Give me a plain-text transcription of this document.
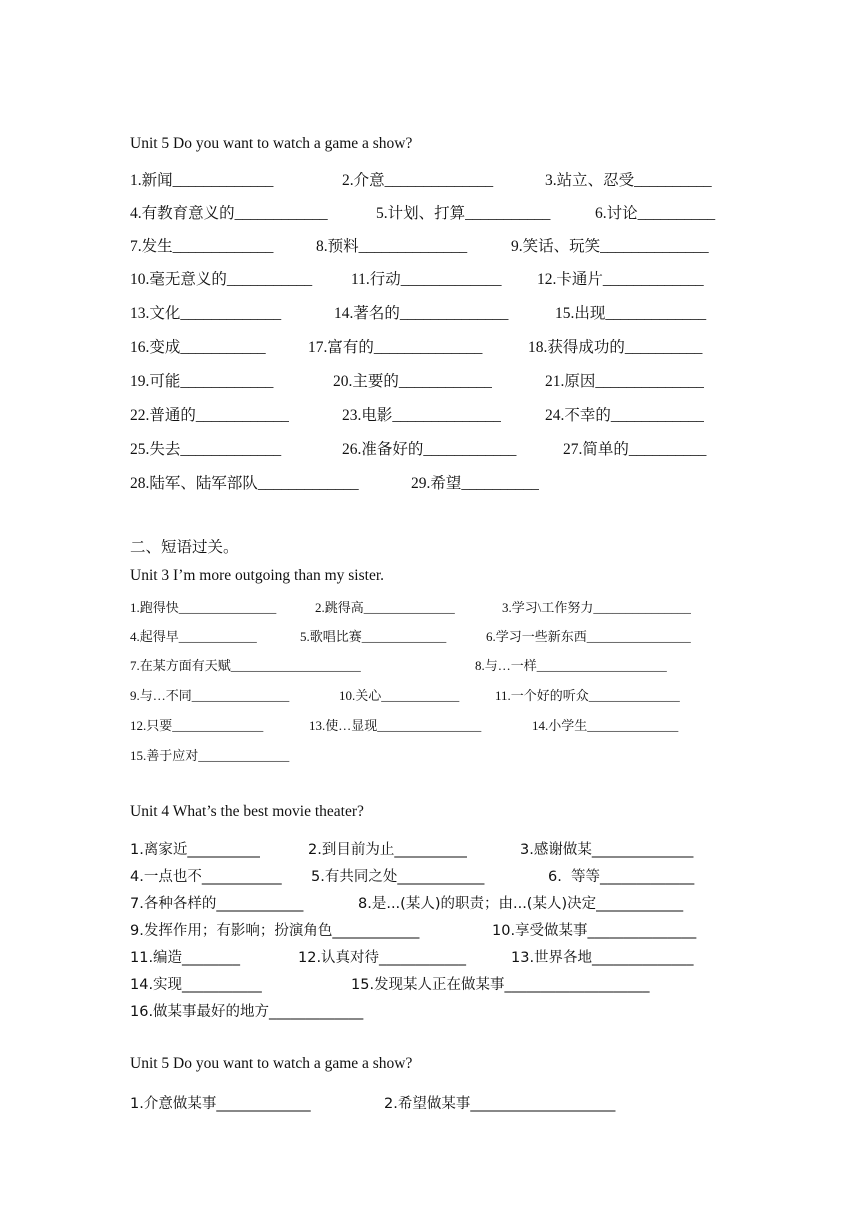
Unit 5 Do you want to watch a game a show?
1.新闻_____________	2.介意______________	3.站立、忍受__________
4.有教育意义的____________	5.计划、打算___________	6.讨论__________
7.发生_____________	8.预料______________	9.笑话、玩笑______________
10.毫无意义的___________	11.行动_____________ 12.卡通片_____________
13.文化_____________	14.著名的______________	15.出现_____________
16.变成___________	17.富有的______________	18.获得成功的__________
19.可能____________	20.主要的____________	21.原因______________
22.普通的____________	23.电影______________	24.不幸的____________
25.失去_____________	26.准备好的____________	27.简单的__________
28.陆军、陆军部队_____________	29.希望__________
二、短语过关。
Unit 3 I’m more outgoing than my sister.
1.跑得快_______________	2.跳得高______________	3.学习\工作努力_______________
4.起得早____________	5.歌唱比赛_____________	6.学习一些新东西________________
7.在某方面有天赋____________________	8.与…一样____________________
9.与…不同_______________	10.关心____________	11.一个好的听众______________
12.只要______________	13.使…显现________________	14.小学生______________
15.善于应对______________
Unit 4 What’s the best movie theater?
1.离家近__________	2.到目前为止__________	3.感谢做某______________
4.一点也不___________ 5.有共同之处____________	6.  等等_____________
7.各种各样的____________	8.是...(某人)的职责；由...(某人)决定____________
9.发挥作用；有影响；扮演角色____________	10.享受做某事_______________
11.编造________	12.认真对待____________	13.世界各地______________
14.实现___________	15.发现某人正在做某事____________________
16.做某事最好的地方_____________
Unit 5 Do you want to watch a game a show?
1.介意做某事_____________	2.希望做某事____________________
